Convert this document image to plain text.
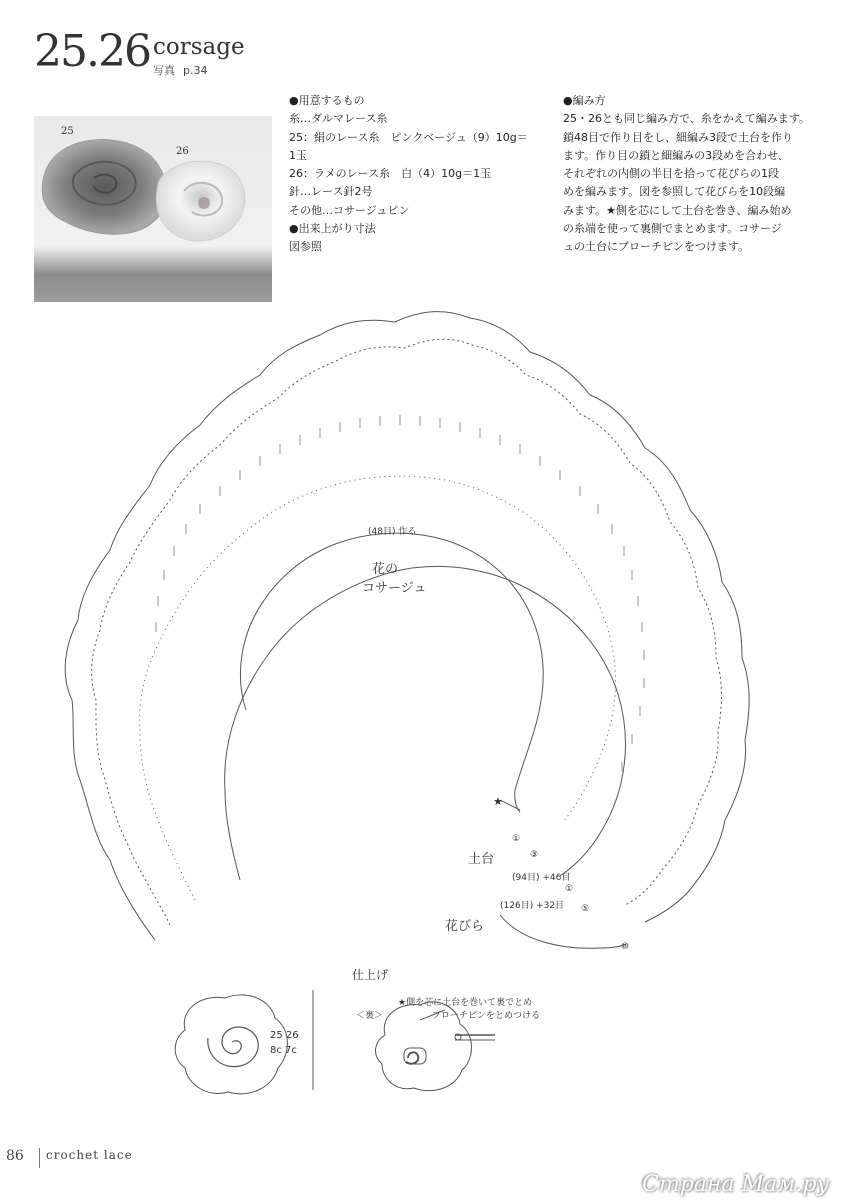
25.26 corsage
写真 p.34
25
26
●用意するもの
糸…ダルマレース糸
25：絹のレース糸　ピンクベージュ（9）10g＝
1玉
26：ラメのレース糸　白（4）10g＝1玉
針…レース針2号
その他…コサージュピン
●出来上がり寸法
図参照
●編み方
25・26とも同じ編み方で、糸をかえて編みます。
鎖48目で作り目をし、細編み3段で土台を作り
ます。作り目の鎖と細編みの3段めを合わせ、
それぞれの内側の半目を拾って花びらの1段
めを編みます。図を参照して花びらを10段編
みます。★側を芯にして土台を巻き、編み始め
の糸端を使って裏側でまとめます。コサージ
ュの土台にブローチピンをつけます。
(48目) 作る
花の
コサージュ
★
土台
花びら
(94目) +46目
(126目) +32目
①
③
①
⑤
⑩
仕上げ
＜裏＞
★側を芯に土台を巻いて裏でとめ
ブローチピンをとめつける
25 26
8c 7c
86 crochet lace
Страна Мам.ру
